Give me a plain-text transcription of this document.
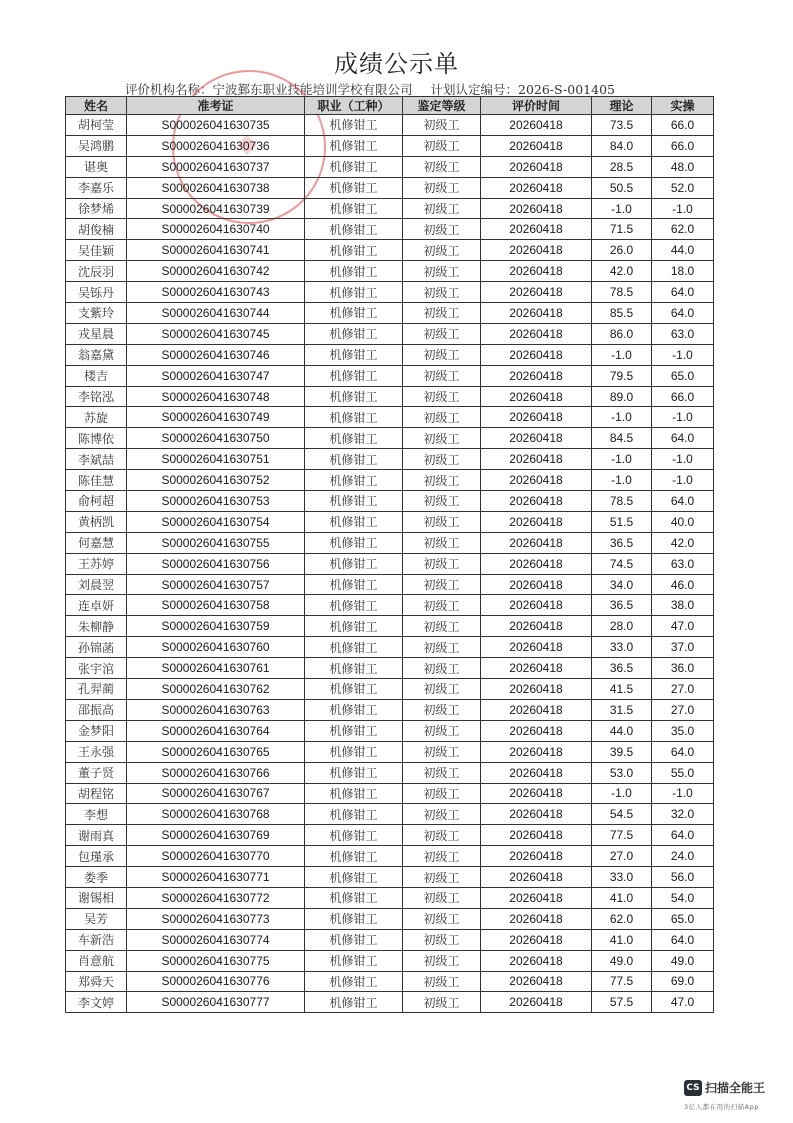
成绩公示单
评价机构名称：宁波鄞东职业技能培训学校有限公司 计划认定编号：2026-S-001405
姓名	准考证	职业（工种）	鉴定等级	评价时间	理论	实操
胡柯莹	S000026041630735	机修钳工	初级工	20260418	73.5	66.0
吴鸿鹏	S000026041630736	机修钳工	初级工	20260418	84.0	66.0
谌奥	S000026041630737	机修钳工	初级工	20260418	28.5	48.0
李嘉乐	S000026041630738	机修钳工	初级工	20260418	50.5	52.0
徐梦烯	S000026041630739	机修钳工	初级工	20260418	-1.0	-1.0
胡俊楠	S000026041630740	机修钳工	初级工	20260418	71.5	62.0
吴佳颖	S000026041630741	机修钳工	初级工	20260418	26.0	44.0
沈辰羽	S000026041630742	机修钳工	初级工	20260418	42.0	18.0
吴铄丹	S000026041630743	机修钳工	初级工	20260418	78.5	64.0
支紫玲	S000026041630744	机修钳工	初级工	20260418	85.5	64.0
戎星晨	S000026041630745	机修钳工	初级工	20260418	86.0	63.0
翁嘉黛	S000026041630746	机修钳工	初级工	20260418	-1.0	-1.0
楼吉	S000026041630747	机修钳工	初级工	20260418	79.5	65.0
李铭泓	S000026041630748	机修钳工	初级工	20260418	89.0	66.0
苏旋	S000026041630749	机修钳工	初级工	20260418	-1.0	-1.0
陈博依	S000026041630750	机修钳工	初级工	20260418	84.5	64.0
李斌喆	S000026041630751	机修钳工	初级工	20260418	-1.0	-1.0
陈佳慧	S000026041630752	机修钳工	初级工	20260418	-1.0	-1.0
俞柯超	S000026041630753	机修钳工	初级工	20260418	78.5	64.0
黄柄凯	S000026041630754	机修钳工	初级工	20260418	51.5	40.0
何嘉慧	S000026041630755	机修钳工	初级工	20260418	36.5	42.0
王苏婷	S000026041630756	机修钳工	初级工	20260418	74.5	63.0
刘晨翌	S000026041630757	机修钳工	初级工	20260418	34.0	46.0
连卓妍	S000026041630758	机修钳工	初级工	20260418	36.5	38.0
朱柳静	S000026041630759	机修钳工	初级工	20260418	28.0	47.0
孙锦菡	S000026041630760	机修钳工	初级工	20260418	33.0	37.0
张宇涫	S000026041630761	机修钳工	初级工	20260418	36.5	36.0
孔羿蔺	S000026041630762	机修钳工	初级工	20260418	41.5	27.0
邵振高	S000026041630763	机修钳工	初级工	20260418	31.5	27.0
金梦阳	S000026041630764	机修钳工	初级工	20260418	44.0	35.0
王永强	S000026041630765	机修钳工	初级工	20260418	39.5	64.0
董子贤	S000026041630766	机修钳工	初级工	20260418	53.0	55.0
胡程铭	S000026041630767	机修钳工	初级工	20260418	-1.0	-1.0
李想	S000026041630768	机修钳工	初级工	20260418	54.5	32.0
谢雨真	S000026041630769	机修钳工	初级工	20260418	77.5	64.0
包瑾承	S000026041630770	机修钳工	初级工	20260418	27.0	24.0
娄季	S000026041630771	机修钳工	初级工	20260418	33.0	56.0
谢锡相	S000026041630772	机修钳工	初级工	20260418	41.0	54.0
吴芳	S000026041630773	机修钳工	初级工	20260418	62.0	65.0
车新浩	S000026041630774	机修钳工	初级工	20260418	41.0	64.0
肖意航	S000026041630775	机修钳工	初级工	20260418	49.0	49.0
郑舜天	S000026041630776	机修钳工	初级工	20260418	77.5	69.0
李文婷	S000026041630777	机修钳工	初级工	20260418	57.5	47.0
CS 扫描全能王
3亿人都在用的扫描App
